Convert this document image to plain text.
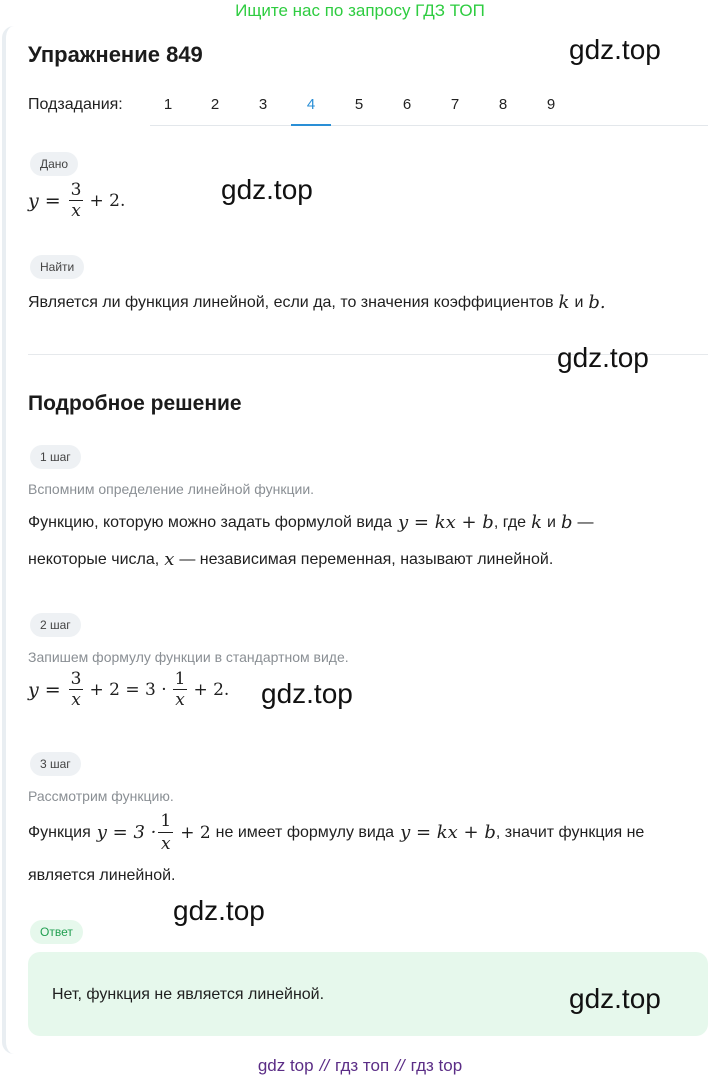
Ищите нас по запросу ГДЗ ТОП
Упражнение 849	gdz.top
Подзадания:	1	2	3	4	5	6	7	8	9
Дано
$y = \frac{3}{x} + 2$.	gdz.top
Найти
Является ли функция линейной, если да, то значения коэффициентов k и b.
gdz.top
Подробное решение
1 шаг
Вспомним определение линейной функции.
Функцию, которую можно задать формулой вида y = kx + b , где k и b —
некоторые числа, x — независимая переменная, называют линейной.
2 шаг
Запишем формулу функции в стандартном виде.
$y = \frac{3}{x} + 2 = 3 \cdot \frac{1}{x} + 2$. gdz.top
3 шаг
Рассмотрим функцию.
Функция $y = 3 \cdot \frac{1}{x} + 2$ не имеет формулу вида y = kx + b , значит функция не
является линейной.
gdz.top
Ответ
Нет, функция не является линейной.	gdz.top
gdz top // гдз топ // гдз top
